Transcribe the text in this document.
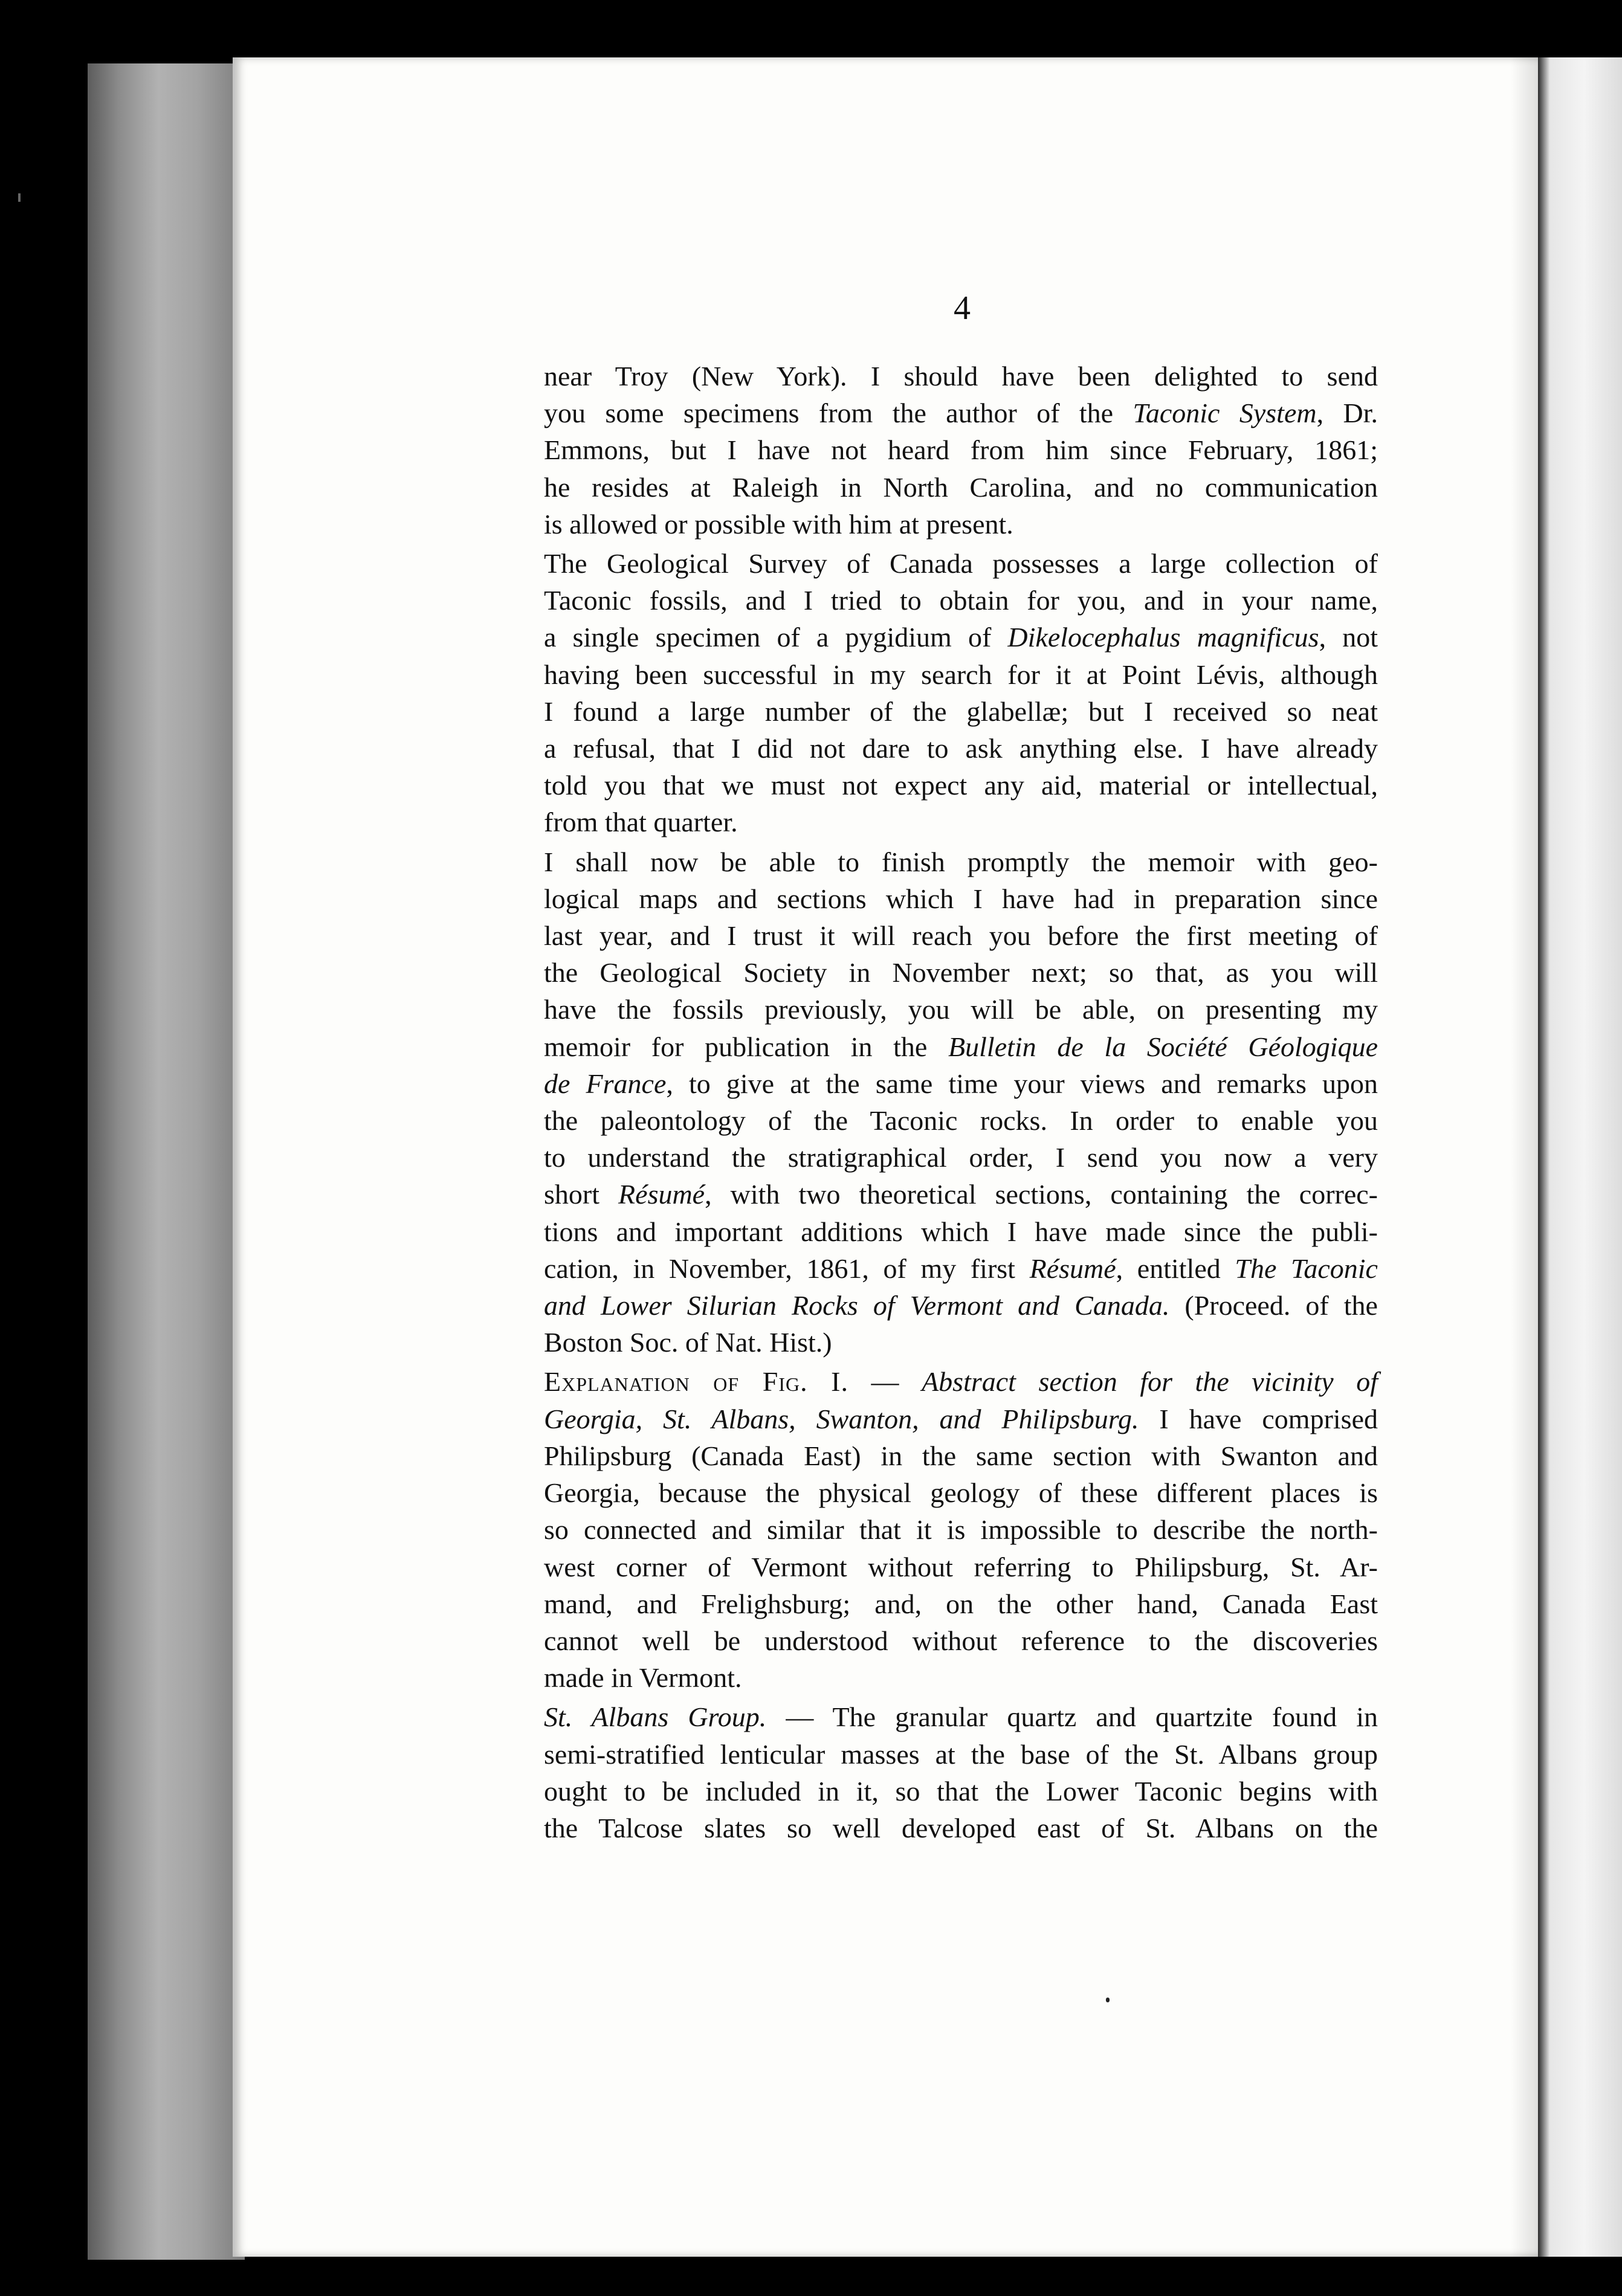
4
near Troy (New York). I should have been delighted to send
you some specimens from the author of the Taconic System, Dr.
Emmons, but I have not heard from him since February, 1861;
he resides at Raleigh in North Carolina, and no communication
is allowed or possible with him at present.
The Geological Survey of Canada possesses a large collection of
Taconic fossils, and I tried to obtain for you, and in your name,
a single specimen of a pygidium of Dikelocephalus magnificus, not
having been successful in my search for it at Point Lévis, although
I found a large number of the glabellæ; but I received so neat
a refusal, that I did not dare to ask anything else. I have already
told you that we must not expect any aid, material or intellectual,
from that quarter.
I shall now be able to finish promptly the memoir with geo-
logical maps and sections which I have had in preparation since
last year, and I trust it will reach you before the first meeting of
the Geological Society in November next; so that, as you will
have the fossils previously, you will be able, on presenting my
memoir for publication in the Bulletin de la Société Géologique
de France, to give at the same time your views and remarks upon
the paleontology of the Taconic rocks. In order to enable you
to understand the stratigraphical order, I send you now a very
short Résumé, with two theoretical sections, containing the correc-
tions and important additions which I have made since the publi-
cation, in November, 1861, of my first Résumé, entitled The Taconic
and Lower Silurian Rocks of Vermont and Canada. (Proceed. of the
Boston Soc. of Nat. Hist.)
Explanation of Fig. I. — Abstract section for the vicinity of
Georgia, St. Albans, Swanton, and Philipsburg. I have comprised
Philipsburg (Canada East) in the same section with Swanton and
Georgia, because the physical geology of these different places is
so connected and similar that it is impossible to describe the north-
west corner of Vermont without referring to Philipsburg, St. Ar-
mand, and Frelighsburg; and, on the other hand, Canada East
cannot well be understood without reference to the discoveries
made in Vermont.
St. Albans Group. — The granular quartz and quartzite found in
semi-stratified lenticular masses at the base of the St. Albans group
ought to be included in it, so that the Lower Taconic begins with
the Talcose slates so well developed east of St. Albans on the
